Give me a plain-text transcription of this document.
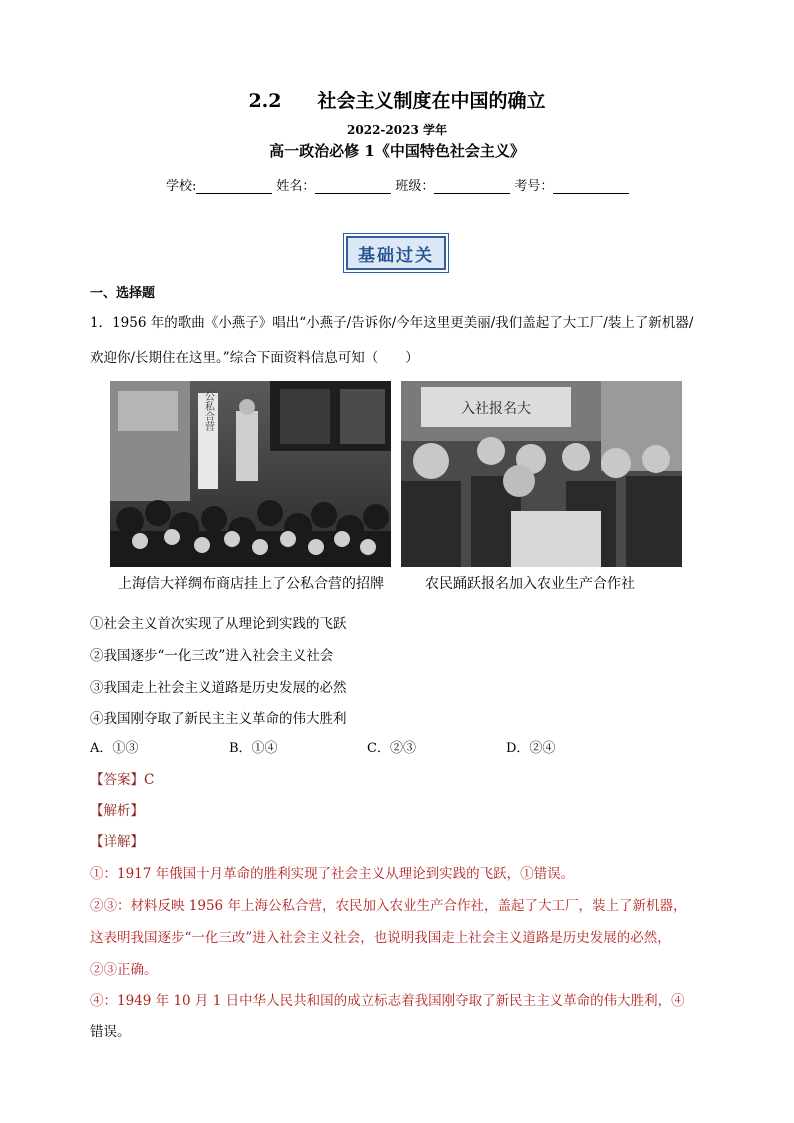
2.2 社会主义制度在中国的确立
2022-2023 学年
高一政治必修 1《中国特色社会主义》
学校:	姓名：	班级：	考号：
基础过关
一、选择题
1．1956 年的歌曲《小燕子》唱出“小燕子/告诉你/今年这里更美丽/我们盖起了大工厂/装上了新机器/
欢迎你/长期住在这里。”综合下面资料信息可知（　　）
公私合营	入社报名大
上海信大祥绸布商店挂上了公私合营的招牌	农民踊跃报名加入农业生产合作社
①社会主义首次实现了从理论到实践的飞跃
②我国逐步“一化三改”进入社会主义社会
③我国走上社会主义道路是历史发展的必然
④我国刚夺取了新民主主义革命的伟大胜利
A．①③	B．①④	C．②③	D．②④
【答案】C
【解析】
【详解】
①：1917 年俄国十月革命的胜利实现了社会主义从理论到实践的飞跃，①错误。
②③：材料反映 1956 年上海公私合营，农民加入农业生产合作社，盖起了大工厂，装上了新机器，
这表明我国逐步“一化三改”进入社会主义社会，也说明我国走上社会主义道路是历史发展的必然，
②③正确。
④：1949 年 10 月 1 日中华人民共和国的成立标志着我国刚夺取了新民主主义革命的伟大胜利，④
错误。
